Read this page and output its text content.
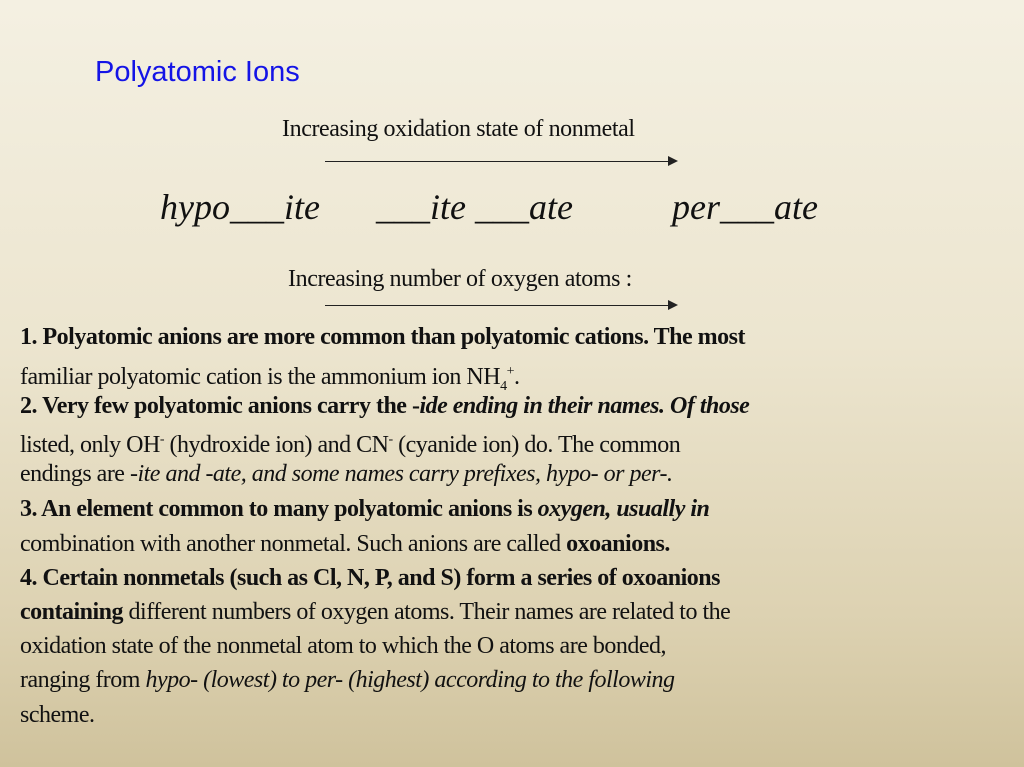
Polyatomic Ions
Increasing oxidation state of nonmetal
hypo___ite ___ite ___ate	per___ate
Increasing number of oxygen atoms :
1. Polyatomic anions are more common than polyatomic cations. The most
familiar polyatomic cation is the ammonium ion $NH_4^+$.
2. Very few polyatomic anions carry the -ide ending in their names. Of those
listed, only OH- (hydroxide ion) and CN- (cyanide ion) do. The common
endings are -ite and -ate, and some names carry prefixes, hypo- or per-.
3. An element common to many polyatomic anions is oxygen, usually in
combination with another nonmetal. Such anions are called oxoanions.
4. Certain nonmetals (such as Cl, N, P, and S) form a series of oxoanions
containing different numbers of oxygen atoms. Their names are related to the
oxidation state of the nonmetal atom to which the O atoms are bonded,
ranging from hypo- (lowest) to per- (highest) according to the following
scheme.
